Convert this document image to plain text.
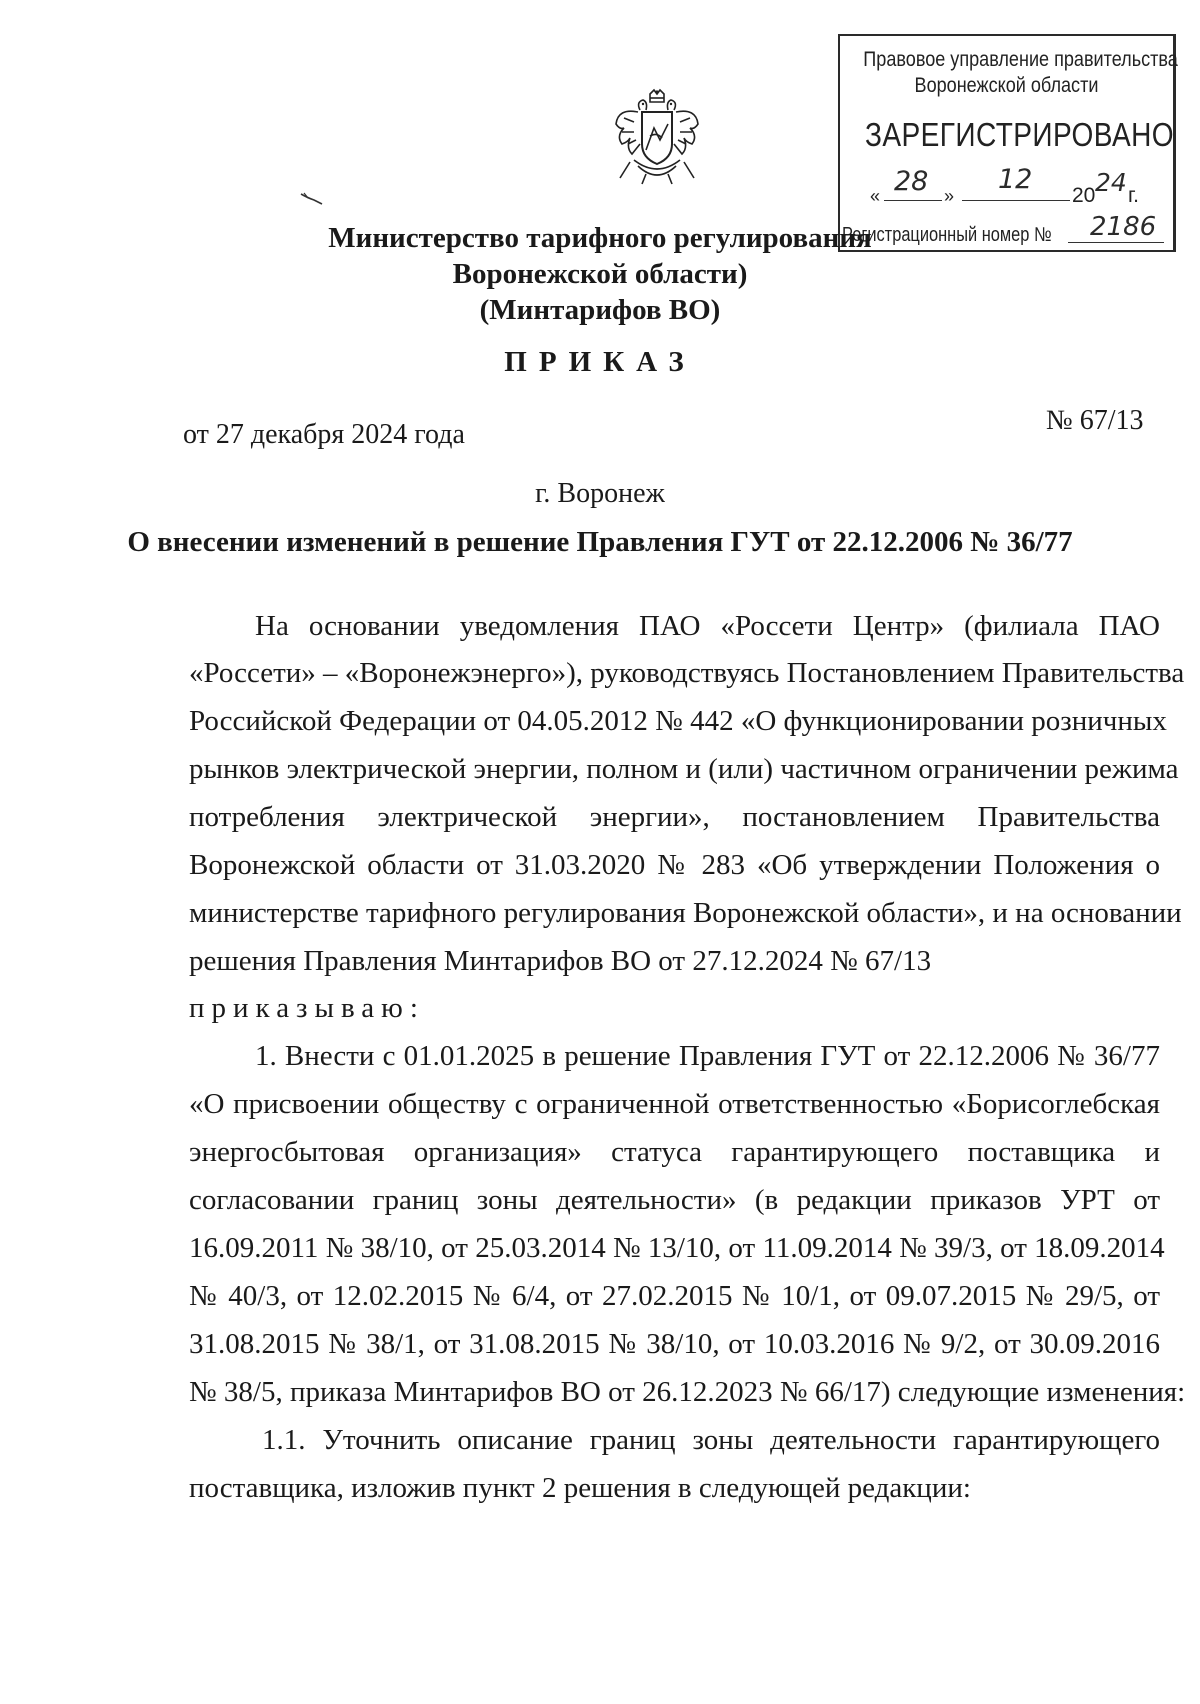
Правовое управление правительства
Воронежской области
ЗАРЕГИСТРИРОВАНО
« 28 »
12
20 24 г.
Регистрационный номер № 2186
Министерство тарифного регулирования
Воронежской области)
(Минтарифов ВО)
ПРИКАЗ
от 27 декабря 2024 года	№ 67/13
г. Воронеж
О внесении изменений в решение Правления ГУТ от 22.12.2006 № 36/77
На основании уведомления ПАО «Россети Центр» (филиала ПАО
«Россети» – «Воронежэнерго»), руководствуясь Постановлением Правительства
Российской Федерации от 04.05.2012 № 442 «О функционировании розничных
рынков электрической энергии, полном и (или) частичном ограничении режима
потребления электрической энергии», постановлением Правительства
Воронежской области от 31.03.2020 № 283 «Об утверждении Положения о
министерстве тарифного регулирования Воронежской области», и на основании
решения Правления Минтарифов ВО от 27.12.2024 № 67/13
приказываю:
1. Внести с 01.01.2025 в решение Правления ГУТ от 22.12.2006 № 36/77
«О присвоении обществу с ограниченной ответственностью «Борисоглебская
энергосбытовая организация» статуса гарантирующего поставщика и
согласовании границ зоны деятельности» (в редакции приказов УРТ от
16.09.2011 № 38/10, от 25.03.2014 № 13/10, от 11.09.2014 № 39/3, от 18.09.2014
№ 40/3, от 12.02.2015 № 6/4, от 27.02.2015 № 10/1, от 09.07.2015 № 29/5, от
31.08.2015 № 38/1, от 31.08.2015 № 38/10, от 10.03.2016 № 9/2, от 30.09.2016
№ 38/5, приказа Минтарифов ВО от 26.12.2023 № 66/17) следующие изменения:
1.1. Уточнить описание границ зоны деятельности гарантирующего
поставщика, изложив пункт 2 решения в следующей редакции:
